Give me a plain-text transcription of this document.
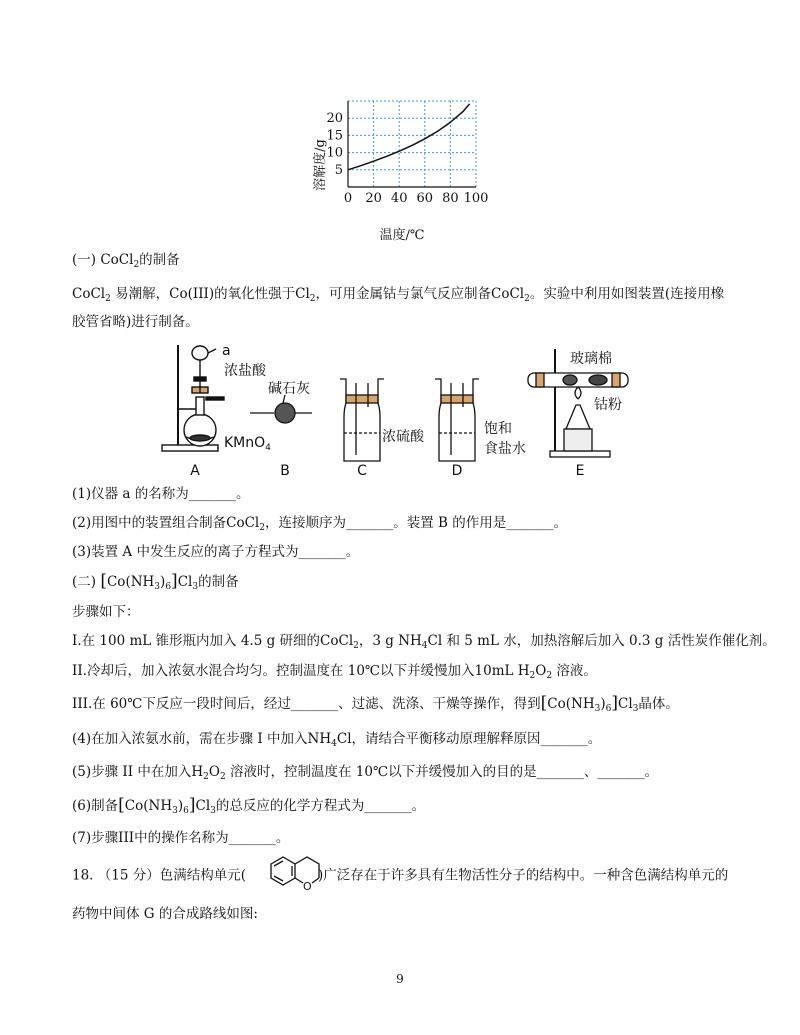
0 20 40 60 80 100
5
10
15
20
溶解度/g
温度/℃
(一) CoCl$_2$的制备
CoCl$_2$ 易潮解，Co(III)的氧化性强于$Cl_2$，可用金属钴与氯气反应制备CoCl$_2$。实验中利用如图装置(连接用橡
胶管省略)进行制备。
a
浓盐酸
KMnO$_4$
碱石灰
浓硫酸	饱和
食盐水
玻璃棉
钴粉
A	B	C	D	E
(1)仪器 a 的名称为_______。
(2)用图中的装置组合制备CoCl$_2$，连接顺序为_______。装置 B 的作用是_______。
(3)装置 A 中发生反应的离子方程式为_______。
(二) $[Co(NH_3)_6]Cl_3$的制备
步骤如下：
I.在 100 mL 锥形瓶内加入 4.5 g 研细的CoCl$_2$，3 g $NH_4Cl$ 和 5 mL 水，加热溶解后加入 0.3 g 活性炭作催化剂。
II.冷却后，加入浓氨水混合均匀。控制温度在 10℃以下并缓慢加入10mL $H_2O_2$ 溶液。
III.在 60℃下反应一段时间后，经过_______、过滤、洗涤、干燥等操作，得到$[Co(NH_3)_6]Cl_3$晶体。
(4)在加入浓氨水前，需在步骤 I 中加入$NH_4Cl$，请结合平衡移动原理解释原因_______。
(5)步骤 II 中在加入$H_2O_2$ 溶液时，控制温度在 10℃以下并缓慢加入的目的是_______、_______。
(6)制备$[Co(NH_3)_6]Cl_3$的总反应的化学方程式为_______。
(7)步骤III中的操作名称为_______。
18. （15 分）色满结构单元(	)广泛存在于许多具有生物活性分子的结构中。一种含色满结构单元的
O
药物中间体 G 的合成路线如图:
9
